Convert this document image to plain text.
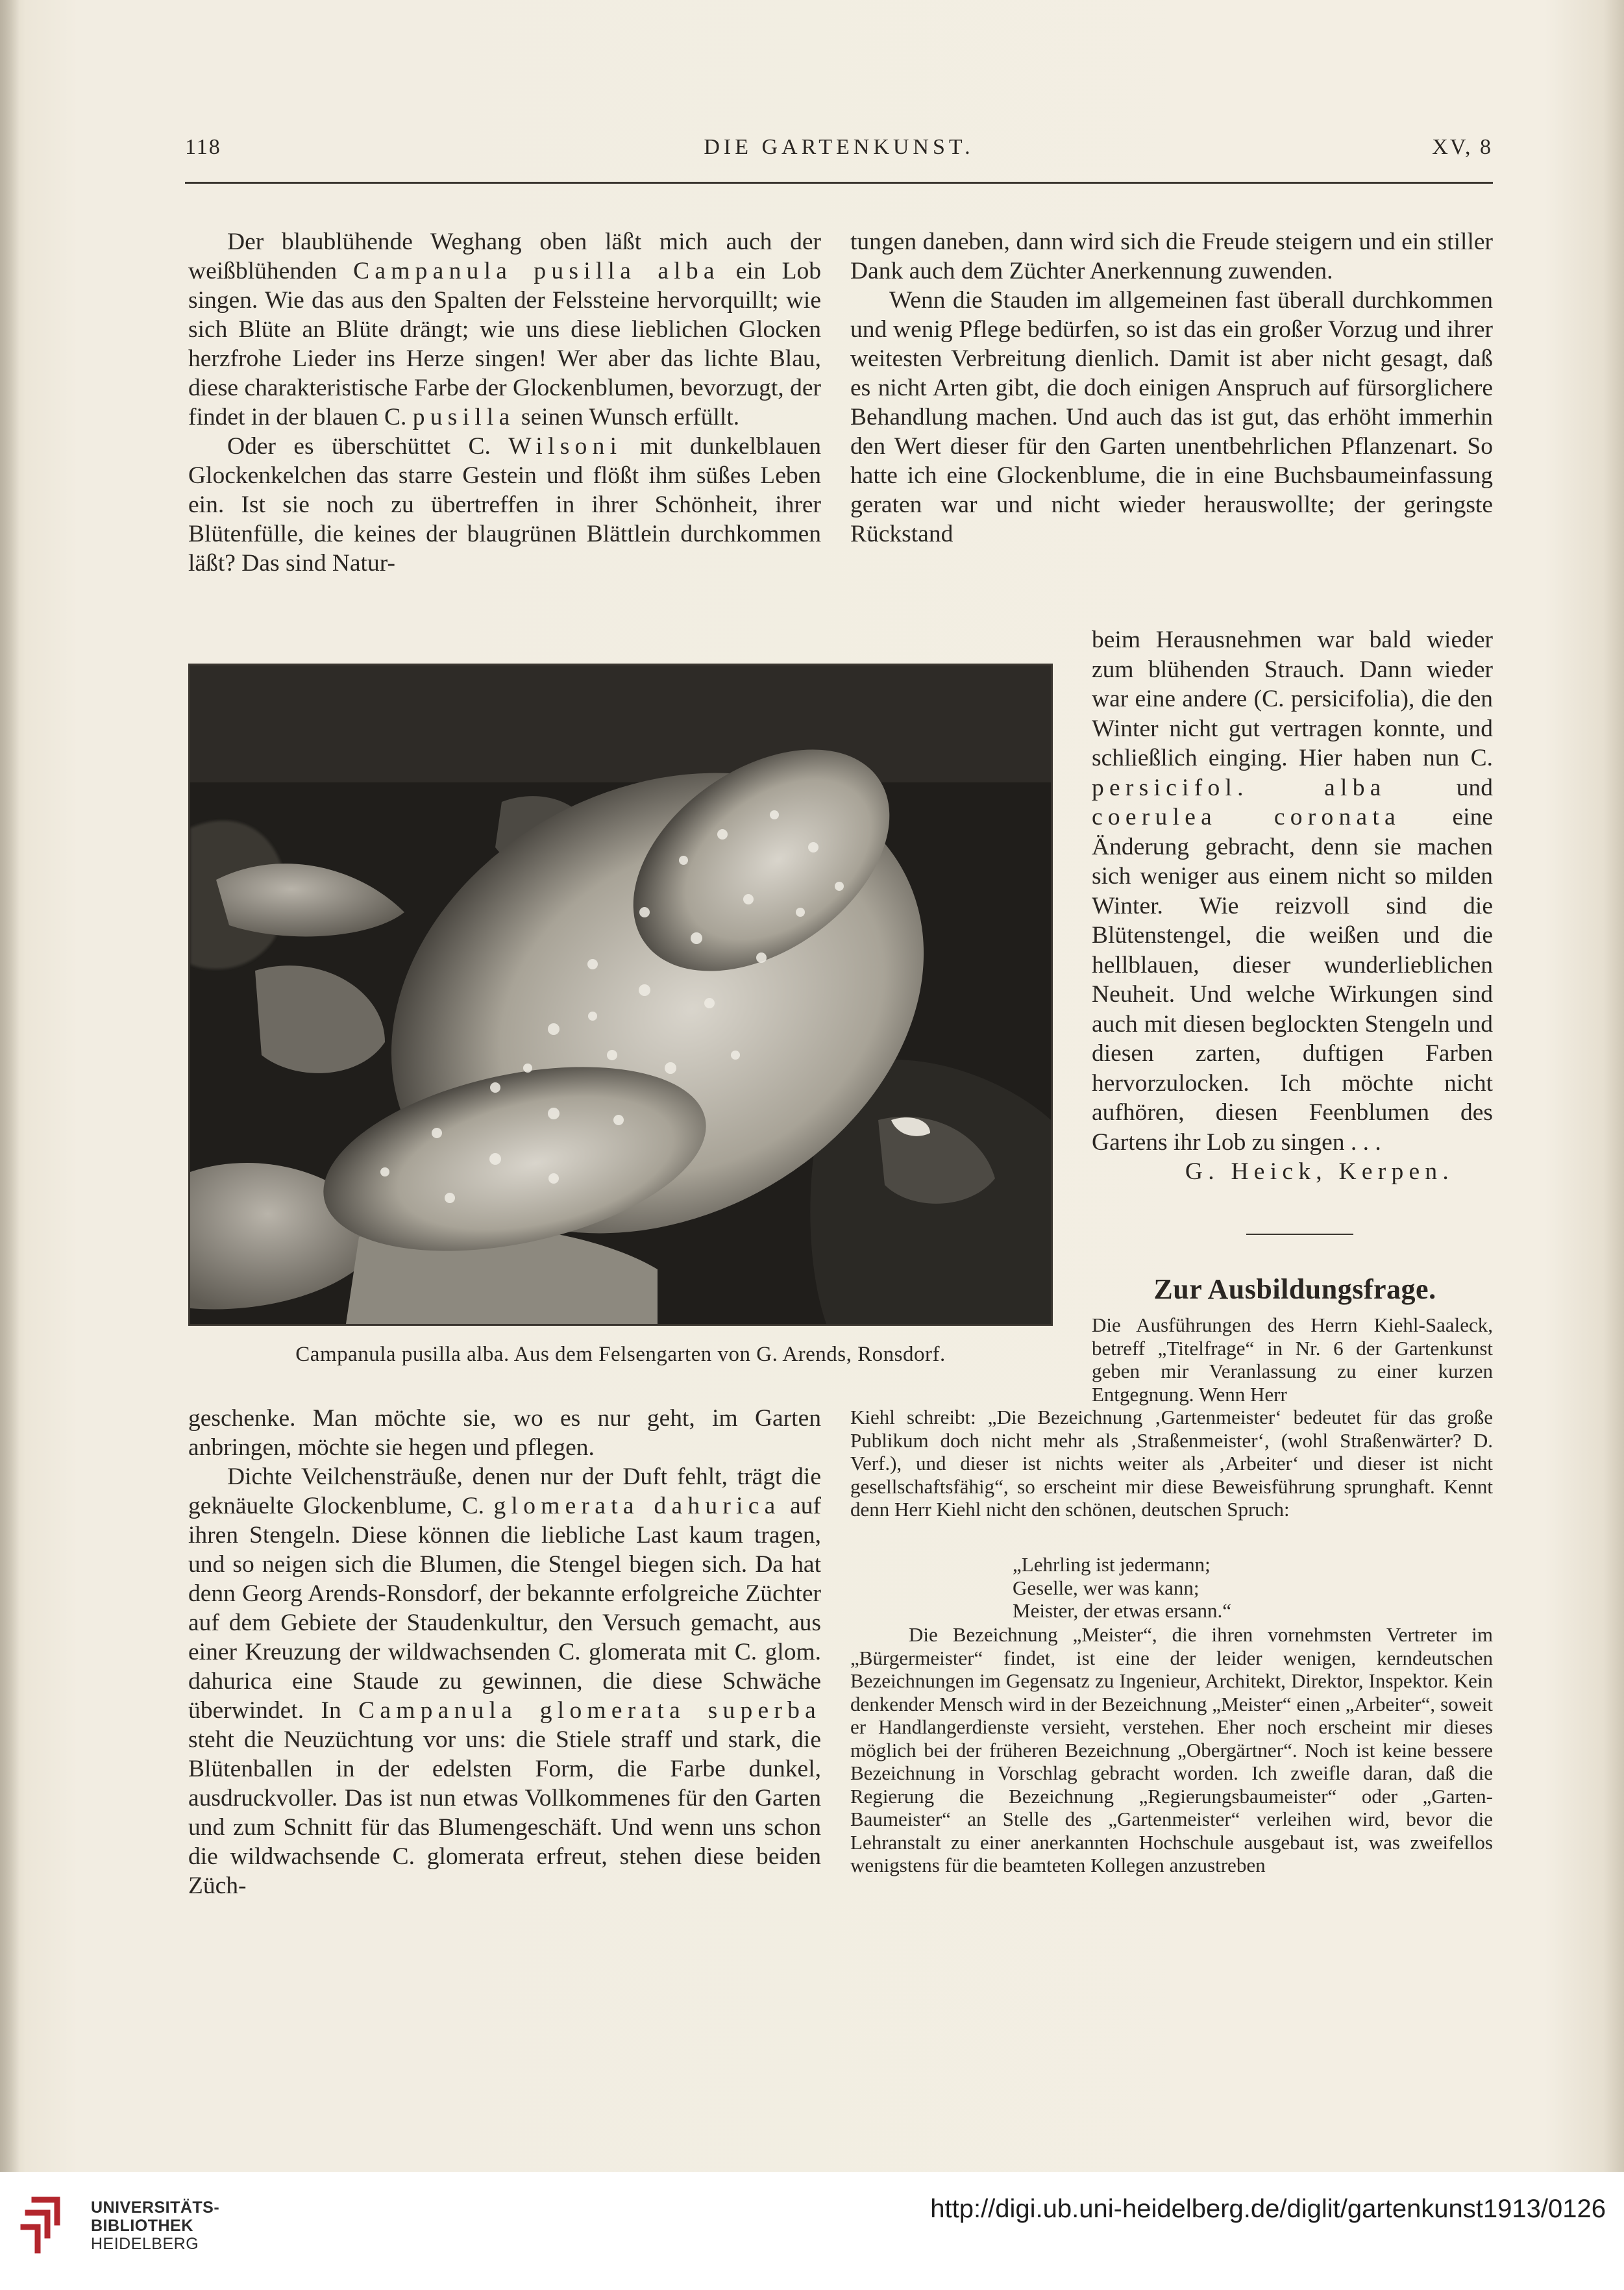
118	DIE GARTENKUNST.	XV, 8

Der blaublühende Weghang oben läßt mich auch der weißblühenden Campanula pusilla alba ein Lob singen. Wie das aus den Spalten der Felssteine hervorquillt; wie sich Blüte an Blüte drängt; wie uns diese lieblichen Glocken herzfrohe Lieder ins Herze singen! Wer aber das lichte Blau, diese charakteristische Farbe der Glockenblumen, bevorzugt, der findet in der blauen C. pusilla seinen Wunsch erfüllt.

Oder es überschüttet C. Wilsoni mit dunkelblauen Glockenkelchen das starre Gestein und flößt ihm süßes Leben ein. Ist sie noch zu übertreffen in ihrer Schönheit, ihrer Blütenfülle, die keines der blaugrünen Blättlein durchkommen läßt? Das sind Natur-

tungen daneben, dann wird sich die Freude steigern und ein stiller Dank auch dem Züchter Anerkennung zuwenden.

Wenn die Stauden im allgemeinen fast überall durchkommen und wenig Pflege bedürfen, so ist das ein großer Vorzug und ihrer weitesten Verbreitung dienlich. Damit ist aber nicht gesagt, daß es nicht Arten gibt, die doch einigen Anspruch auf fürsorglichere Behandlung machen. Und auch das ist gut, das erhöht immerhin den Wert dieser für den Garten unentbehrlichen Pflanzenart. So hatte ich eine Glockenblume, die in eine Buchsbaumeinfassung geraten war und nicht wieder herauswollte; der geringste Rückstand

Campanula pusilla alba. Aus dem Felsengarten von G. Arends, Ronsdorf.
beim Herausnehmen war bald wieder zum blühenden Strauch. Dann wieder war eine andere (C. persicifolia), die den Winter nicht gut vertragen konnte, und schließlich einging. Hier haben nun C. persicifol. alba und coerulea coronata eine Änderung gebracht, denn sie machen sich weniger aus einem nicht so milden Winter. Wie reizvoll sind die Blütenstengel, die weißen und die hellblauen, dieser wunderlieblichen Neuheit. Und welche Wirkungen sind auch mit diesen beglockten Stengeln und diesen zarten, duftigen Farben hervorzulocken. Ich möchte nicht aufhören, diesen Feenblumen des Gartens ihr Lob zu singen . . .
G. Heick, Kerpen.
Zur Ausbildungsfrage.
Die Ausführungen des Herrn Kiehl-Saaleck, betreff „Titelfrage“ in Nr. 6 der Gartenkunst geben mir Veranlassung zu einer kurzen Entgegnung. Wenn Herr

geschenke. Man möchte sie, wo es nur geht, im Garten anbringen, möchte sie hegen und pflegen.

Dichte Veilchensträuße, denen nur der Duft fehlt, trägt die geknäuelte Glockenblume, C. glomerata dahurica auf ihren Stengeln. Diese können die liebliche Last kaum tragen, und so neigen sich die Blumen, die Stengel biegen sich. Da hat denn Georg Arends-Ronsdorf, der bekannte erfolgreiche Züchter auf dem Gebiete der Staudenkultur, den Versuch gemacht, aus einer Kreuzung der wildwachsenden C. glomerata mit C. glom. dahurica eine Staude zu gewinnen, die diese Schwäche überwindet. In Campanula glomerata superba steht die Neuzüchtung vor uns: die Stiele straff und stark, die Blütenballen in der edelsten Form, die Farbe dunkel, ausdruckvoller. Das ist nun etwas Vollkommenes für den Garten und zum Schnitt für das Blumengeschäft. Und wenn uns schon die wildwachsende C. glomerata erfreut, stehen diese beiden Züch-

Kiehl schreibt: „Die Bezeichnung ‚Gartenmeister‘ bedeutet für das große Publikum doch nicht mehr als ‚Straßenmeister‘, (wohl Straßenwärter? D. Verf.), und dieser ist nichts weiter als ‚Arbeiter‘ und dieser ist nicht gesellschaftsfähig“, so erscheint mir diese Beweisführung sprunghaft. Kennt denn Herr Kiehl nicht den schönen, deutschen Spruch:
„Lehrling ist jedermann;
Geselle, wer was kann;
Meister, der etwas ersann.“
Die Bezeichnung „Meister“, die ihren vornehmsten Vertreter im „Bürgermeister“ findet, ist eine der leider wenigen, kerndeutschen Bezeichnungen im Gegensatz zu Ingenieur, Architekt, Direktor, Inspektor. Kein denkender Mensch wird in der Bezeichnung „Meister“ einen „Arbeiter“, soweit er Handlangerdienste versieht, verstehen. Eher noch erscheint mir dieses möglich bei der früheren Bezeichnung „Obergärtner“. Noch ist keine bessere Bezeichnung in Vorschlag gebracht worden. Ich zweifle daran, daß die Regierung die Bezeichnung „Regierungsbaumeister“ oder „Garten-Baumeister“ an Stelle des „Gartenmeister“ verleihen wird, bevor die Lehranstalt zu einer anerkannten Hochschule ausgebaut ist, was zweifellos wenigstens für die beamteten Kollegen anzustreben
UNIVERSITÄTS-
BIBLIOTHEK
HEIDELBERG
http://digi.ub.uni-heidelberg.de/diglit/gartenkunst1913/0126
